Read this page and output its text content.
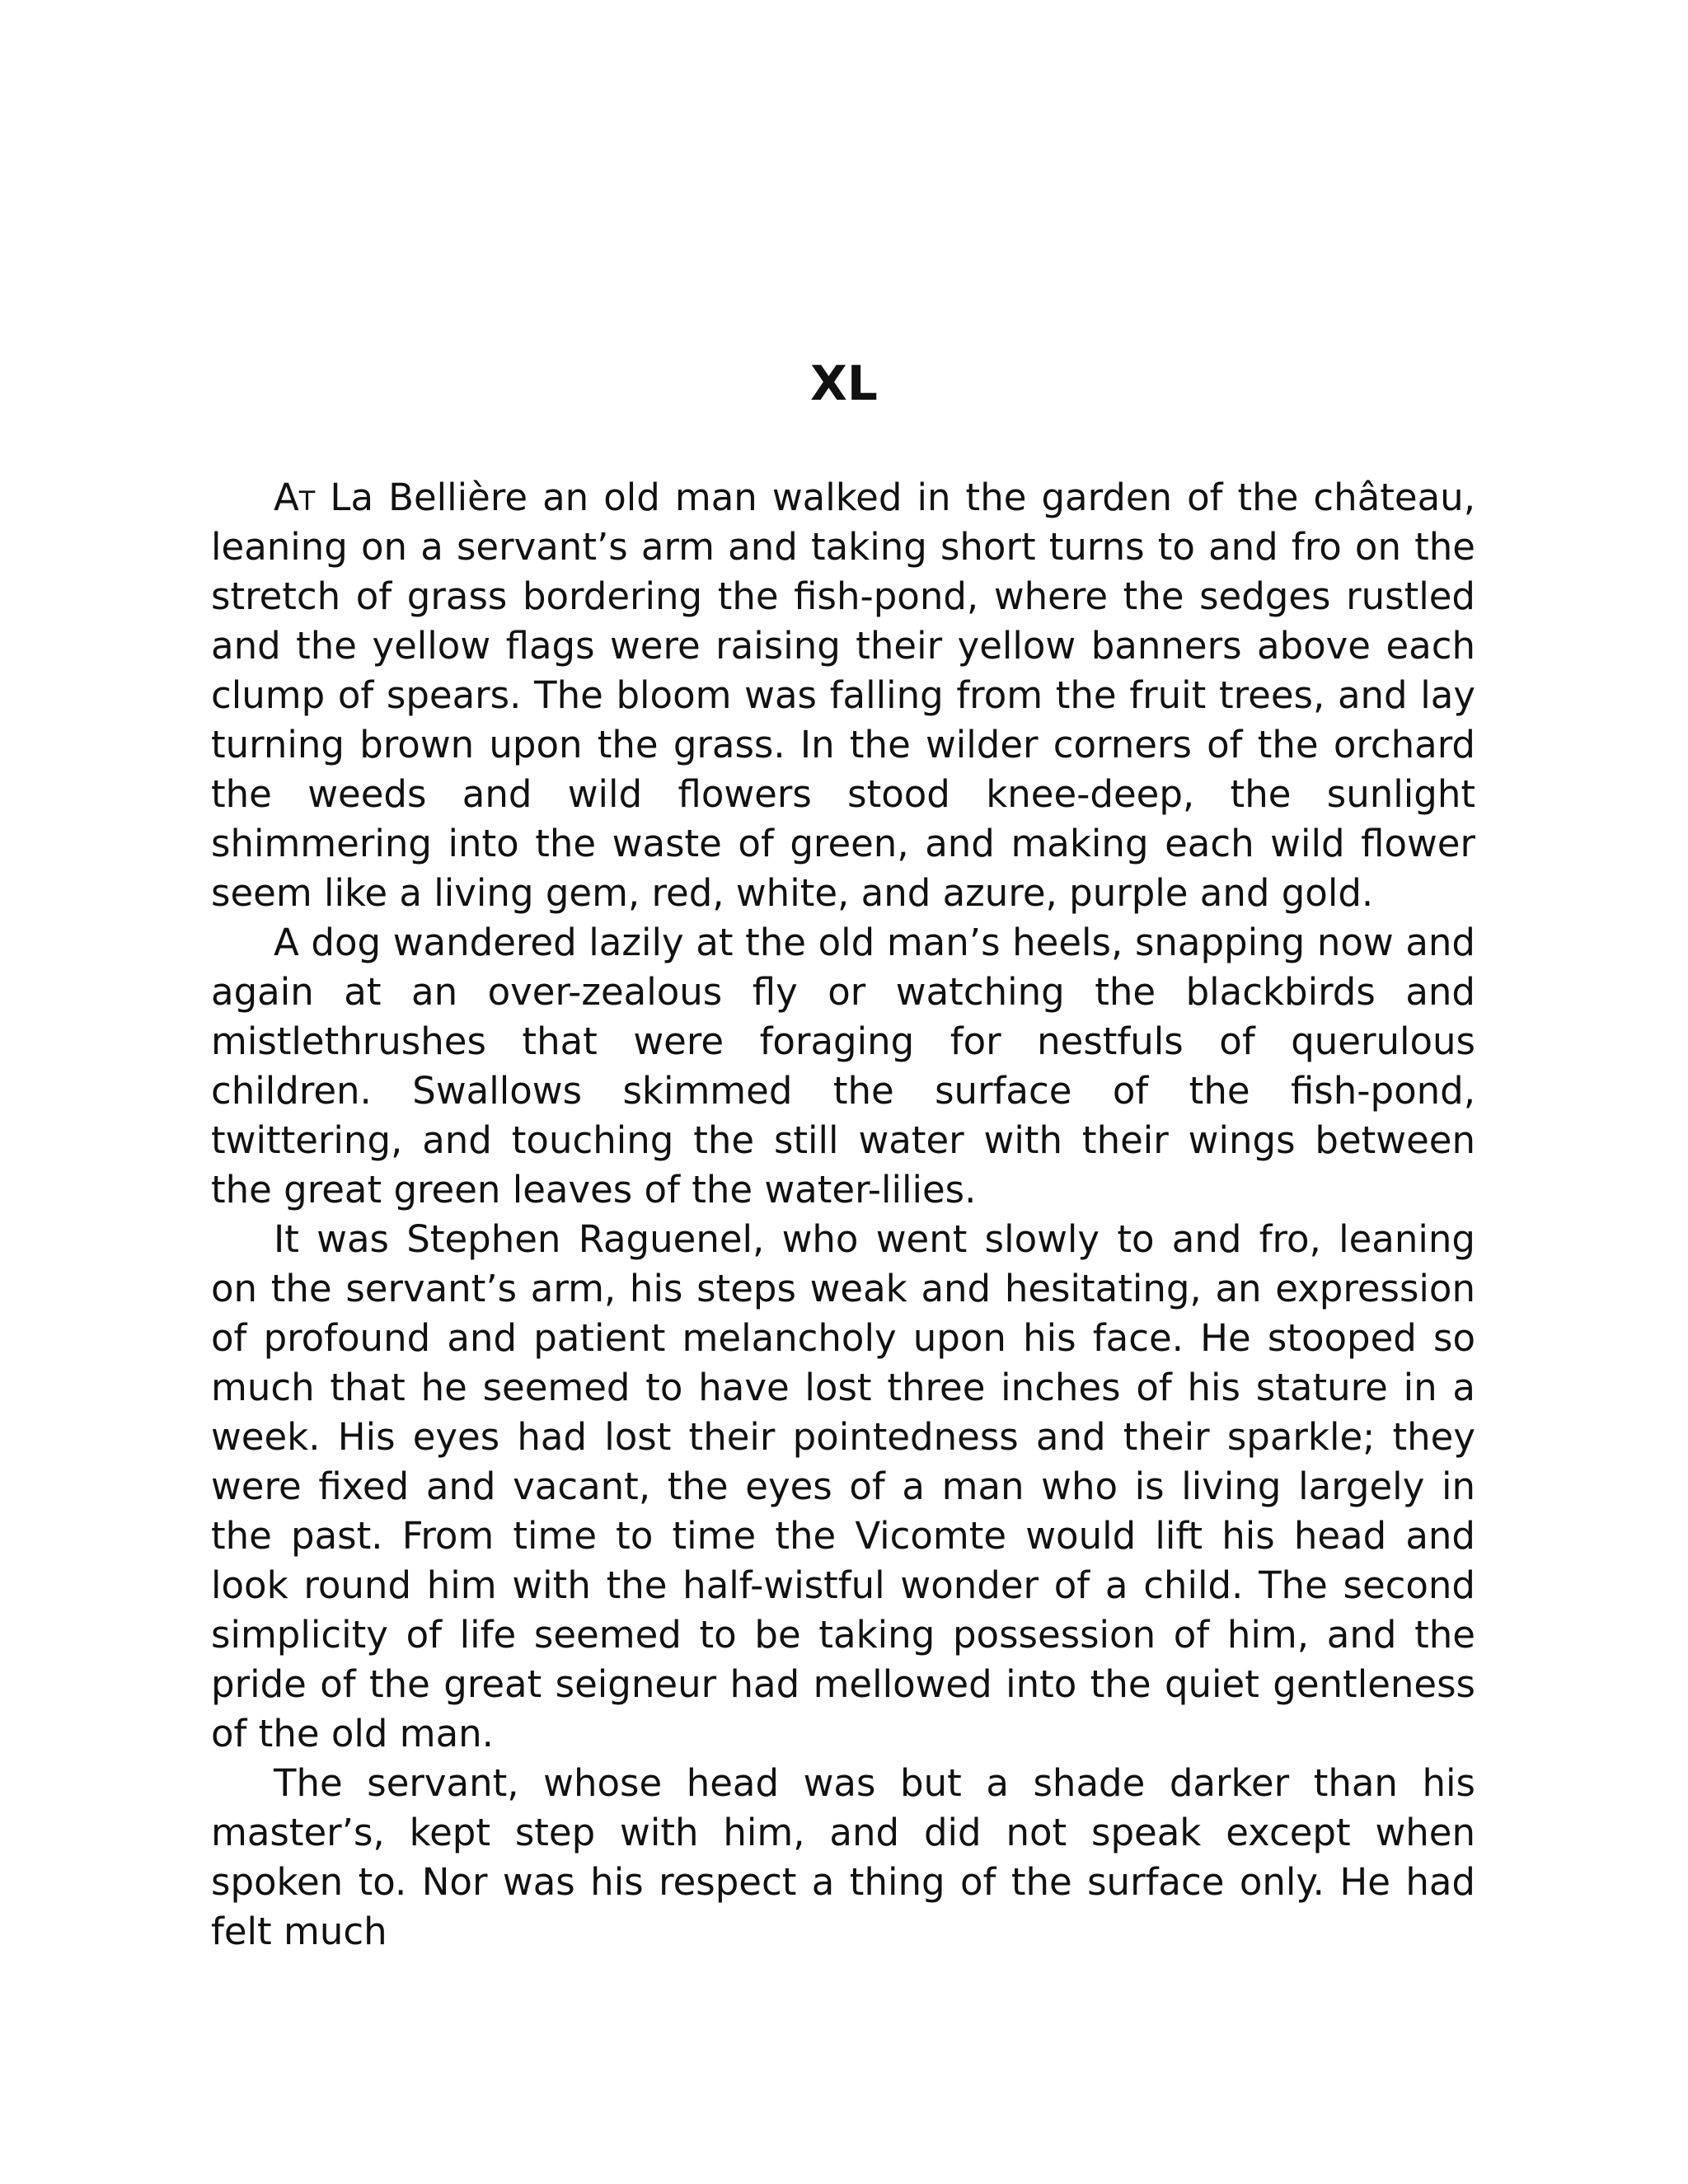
XL

At La Bellière an old man walked in the garden of the château, leaning on a servant’s arm and taking short turns to and fro on the stretch of grass bordering the fish-pond, where the sedges rustled and the yellow flags were raising their yellow banners above each clump of spears. The bloom was falling from the fruit trees, and lay turning brown upon the grass. In the wilder corners of the orchard the weeds and wild flowers stood knee-deep, the sunlight shimmering into the waste of green, and making each wild flower seem like a living gem, red, white, and azure, purple and gold.

A dog wandered lazily at the old man’s heels, snapping now and again at an over-zealous fly or watching the blackbirds and mistlethrushes that were foraging for nestfuls of querulous children. Swallows skimmed the surface of the fish-pond, twittering, and touching the still water with their wings between the great green leaves of the water-lilies.

It was Stephen Raguenel, who went slowly to and fro, leaning on the servant’s arm, his steps weak and hesitating, an expression of profound and patient melancholy upon his face. He stooped so much that he seemed to have lost three inches of his stature in a week. His eyes had lost their pointedness and their sparkle; they were fixed and vacant, the eyes of a man who is living largely in the past. From time to time the Vicomte would lift his head and look round him with the half-wistful wonder of a child. The second simplicity of life seemed to be taking possession of him, and the pride of the great seigneur had mellowed into the quiet gentleness of the old man.

The servant, whose head was but a shade darker than his master’s, kept step with him, and did not speak except when spoken to. Nor was his respect a thing of the surface only. He had felt much
